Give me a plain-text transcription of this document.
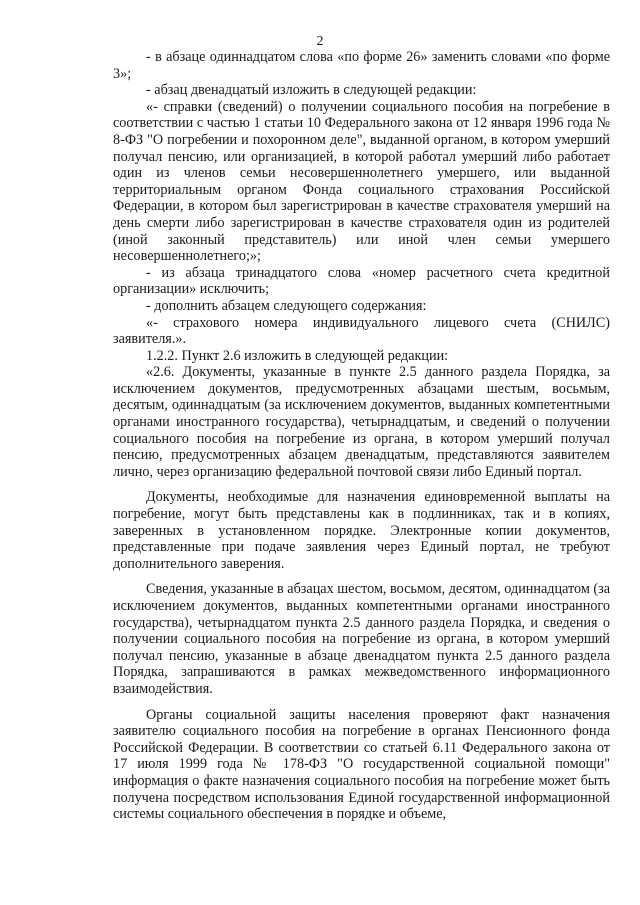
2

- в абзаце одиннадцатом слова «по форме 26» заменить словами «по форме 3»;

- абзац двенадцатый изложить в следующей редакции:

«- справки (сведений) о получении социального пособия на погребение в соответствии с частью 1 статьи 10 Федерального закона от 12 января 1996 года № 8-ФЗ "О погребении и похоронном деле", выданной органом, в котором умерший получал пенсию, или организацией, в которой работал умерший либо работает один из членов семьи несовершеннолетнего умершего, или выданной территориальным органом Фонда социального страхования Российской Федерации, в котором был зарегистрирован в качестве страхователя умерший на день смерти либо зарегистрирован в качестве страхователя один из родителей (иной законный представитель) или иной член семьи умершего несовершеннолетнего;»;

- из абзаца тринадцатого слова «номер расчетного счета кредитной организации» исключить;

- дополнить абзацем следующего содержания:

«- страхового номера индивидуального лицевого счета (СНИЛС) заявителя.».

1.2.2. Пункт 2.6 изложить в следующей редакции:

«2.6. Документы, указанные в пункте 2.5 данного раздела Порядка, за исключением документов, предусмотренных абзацами шестым, восьмым, десятым, одиннадцатым (за исключением документов, выданных компетентными органами иностранного государства), четырнадцатым, и сведений о получении социального пособия на погребение из органа, в котором умерший получал пенсию, предусмотренных абзацем двенадцатым, представляются заявителем лично, через организацию федеральной почтовой связи либо Единый портал.

Документы, необходимые для назначения единовременной выплаты на погребение, могут быть представлены как в подлинниках, так и в копиях, заверенных в установленном порядке. Электронные копии документов, представленные при подаче заявления через Единый портал, не требуют дополнительного заверения.

Сведения, указанные в абзацах шестом, восьмом, десятом, одиннадцатом (за исключением документов, выданных компетентными органами иностранного государства), четырнадцатом пункта 2.5 данного раздела Порядка, и сведения о получении социального пособия на погребение из органа, в котором умерший получал пенсию, указанные в абзаце двенадцатом пункта 2.5 данного раздела Порядка, запрашиваются в рамках межведомственного информационного взаимодействия.

Органы социальной защиты населения проверяют факт назначения заявителю социального пособия на погребение в органах Пенсионного фонда Российской Федерации. В соответствии со статьей 6.11 Федерального закона от 17 июля 1999 года № 178-ФЗ "О государственной социальной помощи" информация о факте назначения социального пособия на погребение может быть получена посредством использования Единой государственной информационной системы социального обеспечения в порядке и объеме,
